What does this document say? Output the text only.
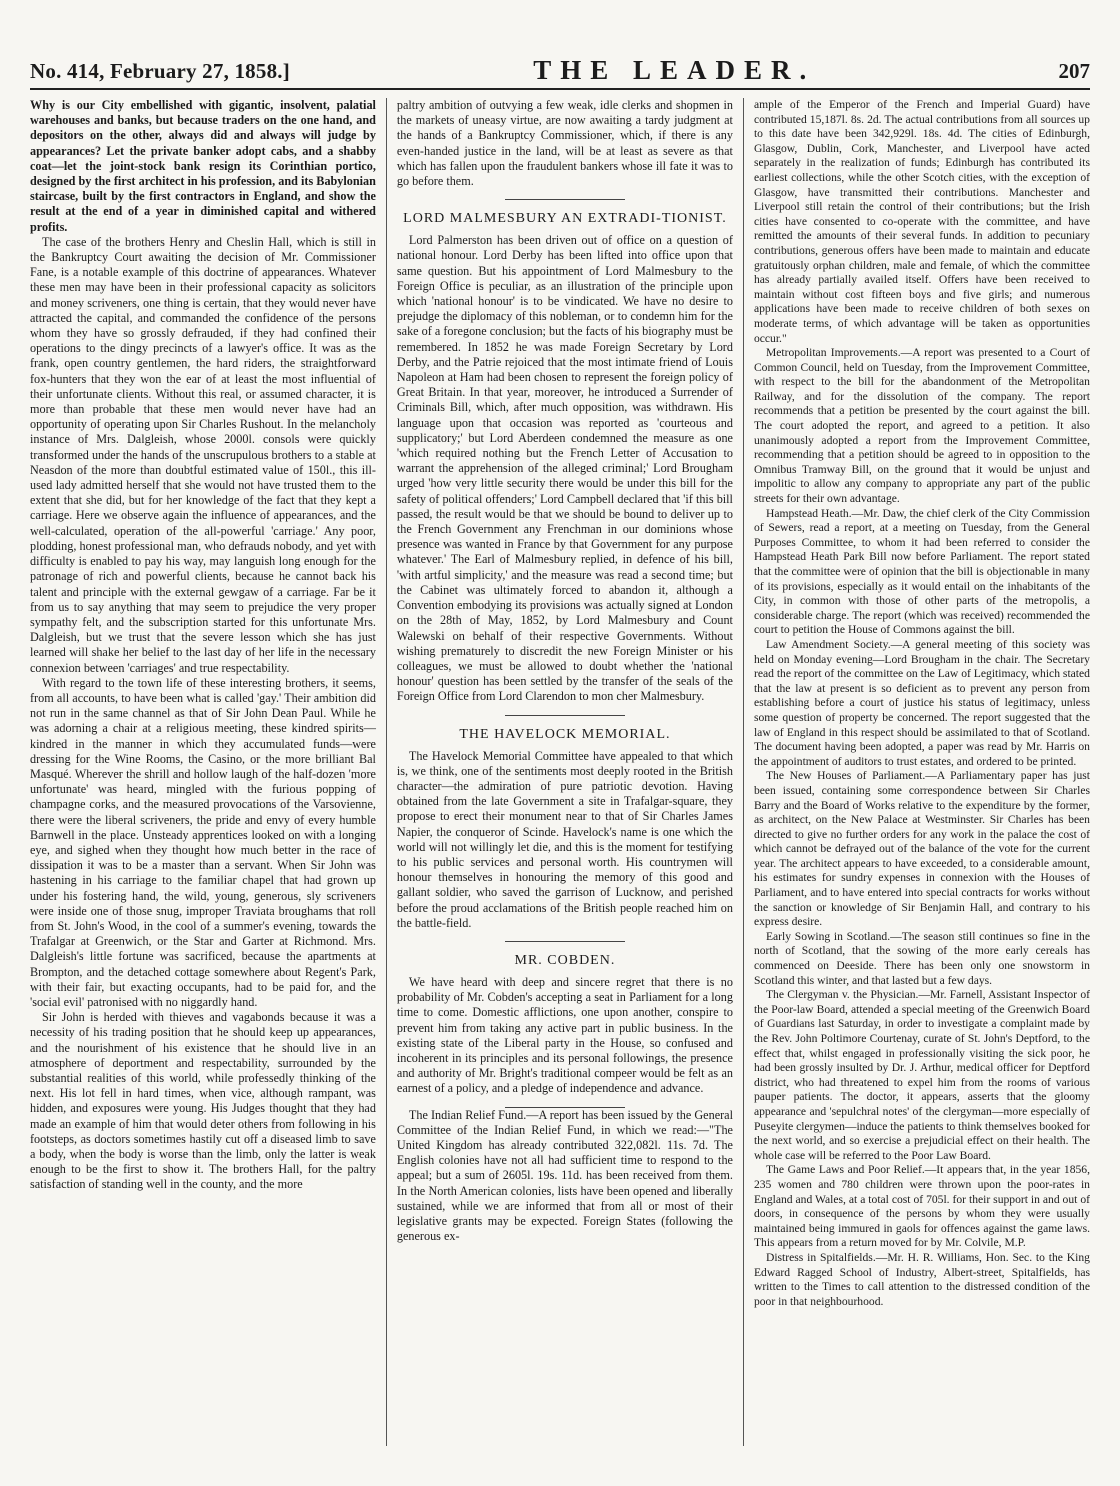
No. 414, February 27, 1858.]	THE LEADER.	207

Why is our City embellished with gigantic, insolvent, palatial warehouses and banks, but because traders on the one hand, and depositors on the other, always did and always will judge by appearances? Let the private banker adopt cabs, and a shabby coat—let the joint-stock bank resign its Corinthian portico, designed by the first architect in his profession, and its Babylonian staircase, built by the first contractors in England, and show the result at the end of a year in diminished capital and withered profits.

The case of the brothers Henry and Cheslin Hall, which is still in the Bankruptcy Court awaiting the decision of Mr. Commissioner Fane, is a notable example of this doctrine of appearances. Whatever these men may have been in their professional capacity as solicitors and money scriveners, one thing is certain, that they would never have attracted the capital, and commanded the confidence of the persons whom they have so grossly defrauded, if they had confined their operations to the dingy precincts of a lawyer's office. It was as the frank, open country gentlemen, the hard riders, the straightforward fox-hunters that they won the ear of at least the most influential of their unfortunate clients. Without this real, or assumed character, it is more than probable that these men would never have had an opportunity of operating upon Sir Charles Rushout. In the melancholy instance of Mrs. Dalgleish, whose 2000l. consols were quickly transformed under the hands of the unscrupulous brothers to a stable at Neasdon of the more than doubtful estimated value of 150l., this ill-used lady admitted herself that she would not have trusted them to the extent that she did, but for her knowledge of the fact that they kept a carriage. Here we observe again the influence of appearances, and the well-calculated, operation of the all-powerful 'carriage.' Any poor, plodding, honest professional man, who defrauds nobody, and yet with difficulty is enabled to pay his way, may languish long enough for the patronage of rich and powerful clients, because he cannot back his talent and principle with the external gewgaw of a carriage. Far be it from us to say anything that may seem to prejudice the very proper sympathy felt, and the subscription started for this unfortunate Mrs. Dalgleish, but we trust that the severe lesson which she has just learned will shake her belief to the last day of her life in the necessary connexion between 'carriages' and true respectability.

With regard to the town life of these interesting brothers, it seems, from all accounts, to have been what is called 'gay.' Their ambition did not run in the same channel as that of Sir John Dean Paul. While he was adorning a chair at a religious meeting, these kindred spirits—kindred in the manner in which they accumulated funds—were dressing for the Wine Rooms, the Casino, or the more brilliant Bal Masqué. Wherever the shrill and hollow laugh of the half-dozen 'more unfortunate' was heard, mingled with the furious popping of champagne corks, and the measured provocations of the Varsovienne, there were the liberal scriveners, the pride and envy of every humble Barnwell in the place. Unsteady apprentices looked on with a longing eye, and sighed when they thought how much better in the race of dissipation it was to be a master than a servant. When Sir John was hastening in his carriage to the familiar chapel that had grown up under his fostering hand, the wild, young, generous, sly scriveners were inside one of those snug, improper Traviata broughams that roll from St. John's Wood, in the cool of a summer's evening, towards the Trafalgar at Greenwich, or the Star and Garter at Richmond. Mrs. Dalgleish's little fortune was sacrificed, because the apartments at Brompton, and the detached cottage somewhere about Regent's Park, with their fair, but exacting occupants, had to be paid for, and the 'social evil' patronised with no niggardly hand.

Sir John is herded with thieves and vagabonds because it was a necessity of his trading position that he should keep up appearances, and the nourishment of his existence that he should live in an atmosphere of deportment and respectability, surrounded by the substantial realities of this world, while professedly thinking of the next. His lot fell in hard times, when vice, although rampant, was hidden, and exposures were young. His Judges thought that they had made an example of him that would deter others from following in his footsteps, as doctors sometimes hastily cut off a diseased limb to save a body, when the body is worse than the limb, only the latter is weak enough to be the first to show it. The brothers Hall, for the paltry satisfaction of standing well in the county, and the more

paltry ambition of outvying a few weak, idle clerks and shopmen in the markets of uneasy virtue, are now awaiting a tardy judgment at the hands of a Bankruptcy Commissioner, which, if there is any even-handed justice in the land, will be at least as severe as that which has fallen upon the fraudulent bankers whose ill fate it was to go before them.

LORD MALMESBURY AN EXTRADI-TIONIST.

Lord Palmerston has been driven out of office on a question of national honour. Lord Derby has been lifted into office upon that same question. But his appointment of Lord Malmesbury to the Foreign Office is peculiar, as an illustration of the principle upon which 'national honour' is to be vindicated. We have no desire to prejudge the diplomacy of this nobleman, or to condemn him for the sake of a foregone conclusion; but the facts of his biography must be remembered. In 1852 he was made Foreign Secretary by Lord Derby, and the Patrie rejoiced that the most intimate friend of Louis Napoleon at Ham had been chosen to represent the foreign policy of Great Britain. In that year, moreover, he introduced a Surrender of Criminals Bill, which, after much opposition, was withdrawn. His language upon that occasion was reported as 'courteous and supplicatory;' but Lord Aberdeen condemned the measure as one 'which required nothing but the French Letter of Accusation to warrant the apprehension of the alleged criminal;' Lord Brougham urged 'how very little security there would be under this bill for the safety of political offenders;' Lord Campbell declared that 'if this bill passed, the result would be that we should be bound to deliver up to the French Government any Frenchman in our dominions whose presence was wanted in France by that Government for any purpose whatever.' The Earl of Malmesbury replied, in defence of his bill, 'with artful simplicity,' and the measure was read a second time; but the Cabinet was ultimately forced to abandon it, although a Convention embodying its provisions was actually signed at London on the 28th of May, 1852, by Lord Malmesbury and Count Walewski on behalf of their respective Governments. Without wishing prematurely to discredit the new Foreign Minister or his colleagues, we must be allowed to doubt whether the 'national honour' question has been settled by the transfer of the seals of the Foreign Office from Lord Clarendon to mon cher Malmesbury.

THE HAVELOCK MEMORIAL.

The Havelock Memorial Committee have appealed to that which is, we think, one of the sentiments most deeply rooted in the British character—the admiration of pure patriotic devotion. Having obtained from the late Government a site in Trafalgar-square, they propose to erect their monument near to that of Sir Charles James Napier, the conqueror of Scinde. Havelock's name is one which the world will not willingly let die, and this is the moment for testifying to his public services and personal worth. His countrymen will honour themselves in honouring the memory of this good and gallant soldier, who saved the garrison of Lucknow, and perished before the proud acclamations of the British people reached him on the battle-field.

MR. COBDEN.

We have heard with deep and sincere regret that there is no probability of Mr. Cobden's accepting a seat in Parliament for a long time to come. Domestic afflictions, one upon another, conspire to prevent him from taking any active part in public business. In the existing state of the Liberal party in the House, so confused and incoherent in its principles and its personal followings, the presence and authority of Mr. Bright's traditional compeer would be felt as an earnest of a policy, and a pledge of independence and advance.

The Indian Relief Fund.—A report has been issued by the General Committee of the Indian Relief Fund, in which we read:—"The United Kingdom has already contributed 322,082l. 11s. 7d. The English colonies have not all had sufficient time to respond to the appeal; but a sum of 2605l. 19s. 11d. has been received from them. In the North American colonies, lists have been opened and liberally sustained, while we are informed that from all or most of their legislative grants may be expected. Foreign States (following the generous ex-

ample of the Emperor of the French and Imperial Guard) have contributed 15,187l. 8s. 2d. The actual contributions from all sources up to this date have been 342,929l. 18s. 4d. The cities of Edinburgh, Glasgow, Dublin, Cork, Manchester, and Liverpool have acted separately in the realization of funds; Edinburgh has contributed its earliest collections, while the other Scotch cities, with the exception of Glasgow, have transmitted their contributions. Manchester and Liverpool still retain the control of their contributions; but the Irish cities have consented to co-operate with the committee, and have remitted the amounts of their several funds. In addition to pecuniary contributions, generous offers have been made to maintain and educate gratuitously orphan children, male and female, of which the committee has already partially availed itself. Offers have been received to maintain without cost fifteen boys and five girls; and numerous applications have been made to receive children of both sexes on moderate terms, of which advantage will be taken as opportunities occur."

Metropolitan Improvements.—A report was presented to a Court of Common Council, held on Tuesday, from the Improvement Committee, with respect to the bill for the abandonment of the Metropolitan Railway, and for the dissolution of the company. The report recommends that a petition be presented by the court against the bill. The court adopted the report, and agreed to a petition. It also unanimously adopted a report from the Improvement Committee, recommending that a petition should be agreed to in opposition to the Omnibus Tramway Bill, on the ground that it would be unjust and impolitic to allow any company to appropriate any part of the public streets for their own advantage.

Hampstead Heath.—Mr. Daw, the chief clerk of the City Commission of Sewers, read a report, at a meeting on Tuesday, from the General Purposes Committee, to whom it had been referred to consider the Hampstead Heath Park Bill now before Parliament. The report stated that the committee were of opinion that the bill is objectionable in many of its provisions, especially as it would entail on the inhabitants of the City, in common with those of other parts of the metropolis, a considerable charge. The report (which was received) recommended the court to petition the House of Commons against the bill.

Law Amendment Society.—A general meeting of this society was held on Monday evening—Lord Brougham in the chair. The Secretary read the report of the committee on the Law of Legitimacy, which stated that the law at present is so deficient as to prevent any person from establishing before a court of justice his status of legitimacy, unless some question of property be concerned. The report suggested that the law of England in this respect should be assimilated to that of Scotland. The document having been adopted, a paper was read by Mr. Harris on the appointment of auditors to trust estates, and ordered to be printed.

The New Houses of Parliament.—A Parliamentary paper has just been issued, containing some correspondence between Sir Charles Barry and the Board of Works relative to the expenditure by the former, as architect, on the New Palace at Westminster. Sir Charles has been directed to give no further orders for any work in the palace the cost of which cannot be defrayed out of the balance of the vote for the current year. The architect appears to have exceeded, to a considerable amount, his estimates for sundry expenses in connexion with the Houses of Parliament, and to have entered into special contracts for works without the sanction or knowledge of Sir Benjamin Hall, and contrary to his express desire.

Early Sowing in Scotland.—The season still continues so fine in the north of Scotland, that the sowing of the more early cereals has commenced on Deeside. There has been only one snowstorm in Scotland this winter, and that lasted but a few days.

The Clergyman v. the Physician.—Mr. Farnell, Assistant Inspector of the Poor-law Board, attended a special meeting of the Greenwich Board of Guardians last Saturday, in order to investigate a complaint made by the Rev. John Poltimore Courtenay, curate of St. John's Deptford, to the effect that, whilst engaged in professionally visiting the sick poor, he had been grossly insulted by Dr. J. Arthur, medical officer for Deptford district, who had threatened to expel him from the rooms of various pauper patients. The doctor, it appears, asserts that the gloomy appearance and 'sepulchral notes' of the clergyman—more especially of Puseyite clergymen—induce the patients to think themselves booked for the next world, and so exercise a prejudicial effect on their health. The whole case will be referred to the Poor Law Board.

The Game Laws and Poor Relief.—It appears that, in the year 1856, 235 women and 780 children were thrown upon the poor-rates in England and Wales, at a total cost of 705l. for their support in and out of doors, in consequence of the persons by whom they were usually maintained being immured in gaols for offences against the game laws. This appears from a return moved for by Mr. Colvile, M.P.

Distress in Spitalfields.—Mr. H. R. Williams, Hon. Sec. to the King Edward Ragged School of Industry, Albert-street, Spitalfields, has written to the Times to call attention to the distressed condition of the poor in that neighbourhood.
